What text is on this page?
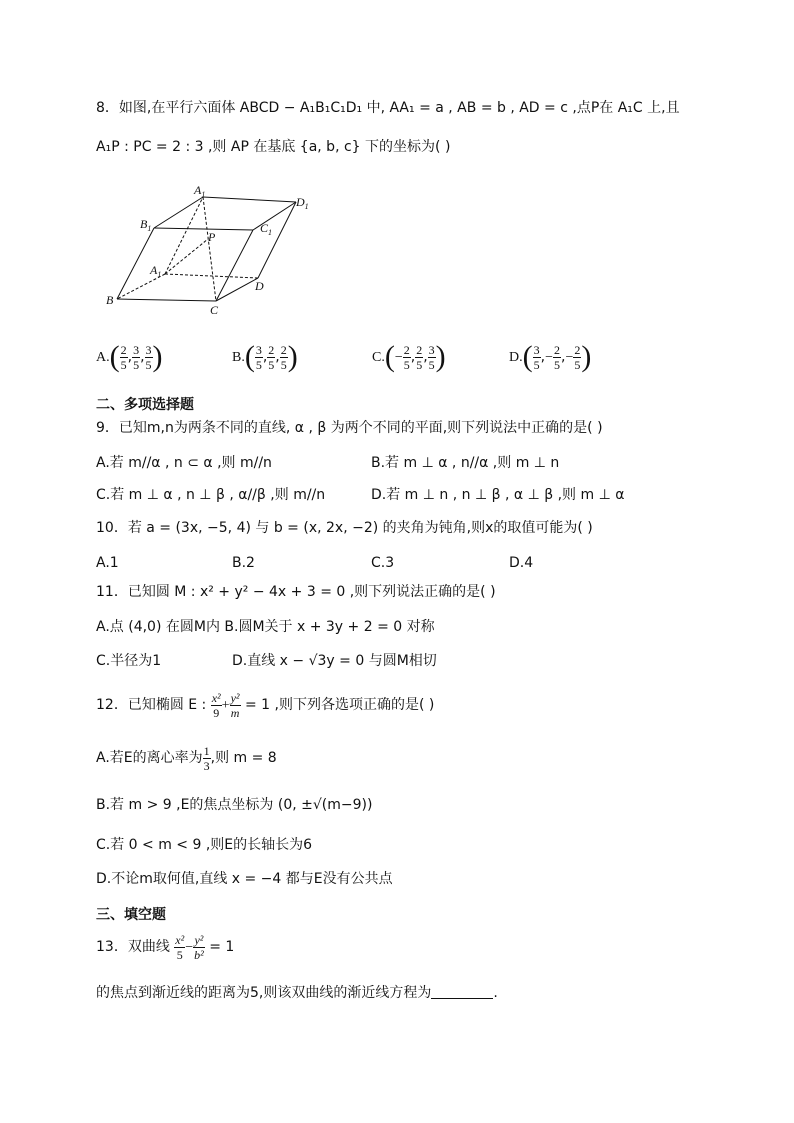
8．如图,在平行六面体 ABCD − A₁B₁C₁D₁ 中, AA₁ = a , AB = b , AD = c ,点P在 A₁C 上,且
A₁P : PC = 2 : 3 ,则 AP 在基底 {a, b, c} 下的坐标为( )
$A_1$
$B_1$	$C_1$
$D_1$
P
$A_1$
B
C
D
$A.( \frac{2}{5}$ , $\frac{3}{5}$ , $\frac{3}{5}$ )	$B.( \frac{3}{5}$ , $\frac{2}{5}$ , $\frac{2}{5}$ )	$C.(- \frac{2}{5}$ , $\frac{2}{5}$ , $\frac{3}{5}$ )	$D.( \frac{3}{5}$ ,− $\frac{2}{5}$ ,− $\frac{2}{5}$ )
二、多项选择题
9．已知m,n为两条不同的直线, α , β 为两个不同的平面,则下列说法中正确的是( )
A.若 m//α , n ⊂ α ,则 m//n	B.若 m ⊥ α , n//α ,则 m ⊥ n
C.若 m ⊥ α , n ⊥ β , α//β ,则 m//n	D.若 m ⊥ n , n ⊥ β , α ⊥ β ,则 m ⊥ α
10．若 a = (3x, −5, 4) 与 b = (x, 2x, −2) 的夹角为钝角,则x的取值可能为( )
A.1	B.2	C.3	D.4
11．已知圆 M : x² + y² − 4x + 3 = 0 ,则下列说法正确的是( )
A.点 (4,0) 在圆M内 B.圆M关于 x + 3y + 2 = 0 对称
C.半径为1	D.直线 x − √3y = 0 与圆M相切
12．已知椭圆 E : $\frac{\text{x²}}{9} + \frac{\text{y²}}{m} = 1$ ,则下列各选项正确的是( )
A.若E的离心率为 $\frac{1}{3}$ ,则 m = 8
B.若 m > 9 ,E的焦点坐标为 (0, ±√(m−9))
C.若 0 < m < 9 ,则E的长轴长为6
D.不论m取何值,直线 x = −4 都与E没有公共点
三、填空题
13．双曲线 $\frac{\text{x²}}{5} - \frac{\text{y²}}{\text{b²}} = 1$
的焦点到渐近线的距离为5,则该双曲线的渐近线方程为	.
